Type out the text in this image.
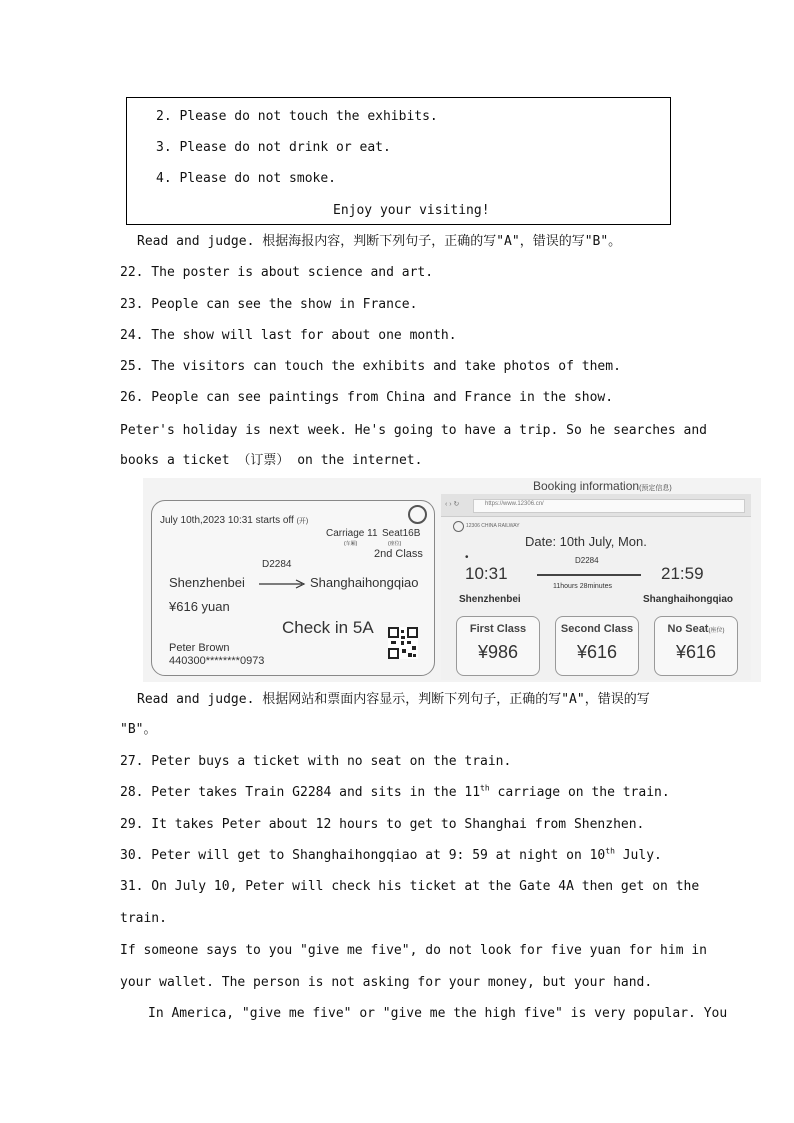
2. Please do not touch the exhibits.
3. Please do not drink or eat.
4. Please do not smoke.
Enjoy your visiting!
Read and judge. 根据海报内容，判断下列句子，正确的写"A"，错误的写"B"。
22. The poster is about science and art.
23. People can see the show in France.
24. The show will last for about one month.
25. The visitors can touch the exhibits and take photos of them.
26. People can see paintings from China and France in the show.
Peter's holiday is next week. He's going to have a trip. So he searches and
books a ticket （订票） on the internet.
July 10th,2023 10:31 starts off (开)
Carriage 11 Seat16B
(车厢)	(座位)
2nd Class
D2284
Shenzhenbei	Shanghaihongqiao
¥616 yuan
Check in 5A
Peter Brown
440300********0973
Booking information(预定信息)
‹ › ↻	https://www.12306.cn/
12306 CHINA RAILWAY
Date: 10th July, Mon.
•	D2284
10:31	21:59
11hours 28minutes
Shenzhenbei	Shanghaihongqiao
First Class
¥986
Second Class
¥616
No Seat(座位)
¥616
Read and judge. 根据网站和票面内容显示，判断下列句子，正确的写"A"，错误的写
"B"。
27. Peter buys a ticket with no seat on the train.
28. Peter takes Train G2284 and sits in the 11th carriage on the train.
29. It takes Peter about 12 hours to get to Shanghai from Shenzhen.
30. Peter will get to Shanghaihongqiao at 9: 59 at night on 10th July.
31. On July 10, Peter will check his ticket at the Gate 4A then get on the
train.
If someone says to you "give me five", do not look for five yuan for him in
your wallet. The person is not asking for your money, but your hand.
In America, "give me five" or "give me the high five" is very popular. You
